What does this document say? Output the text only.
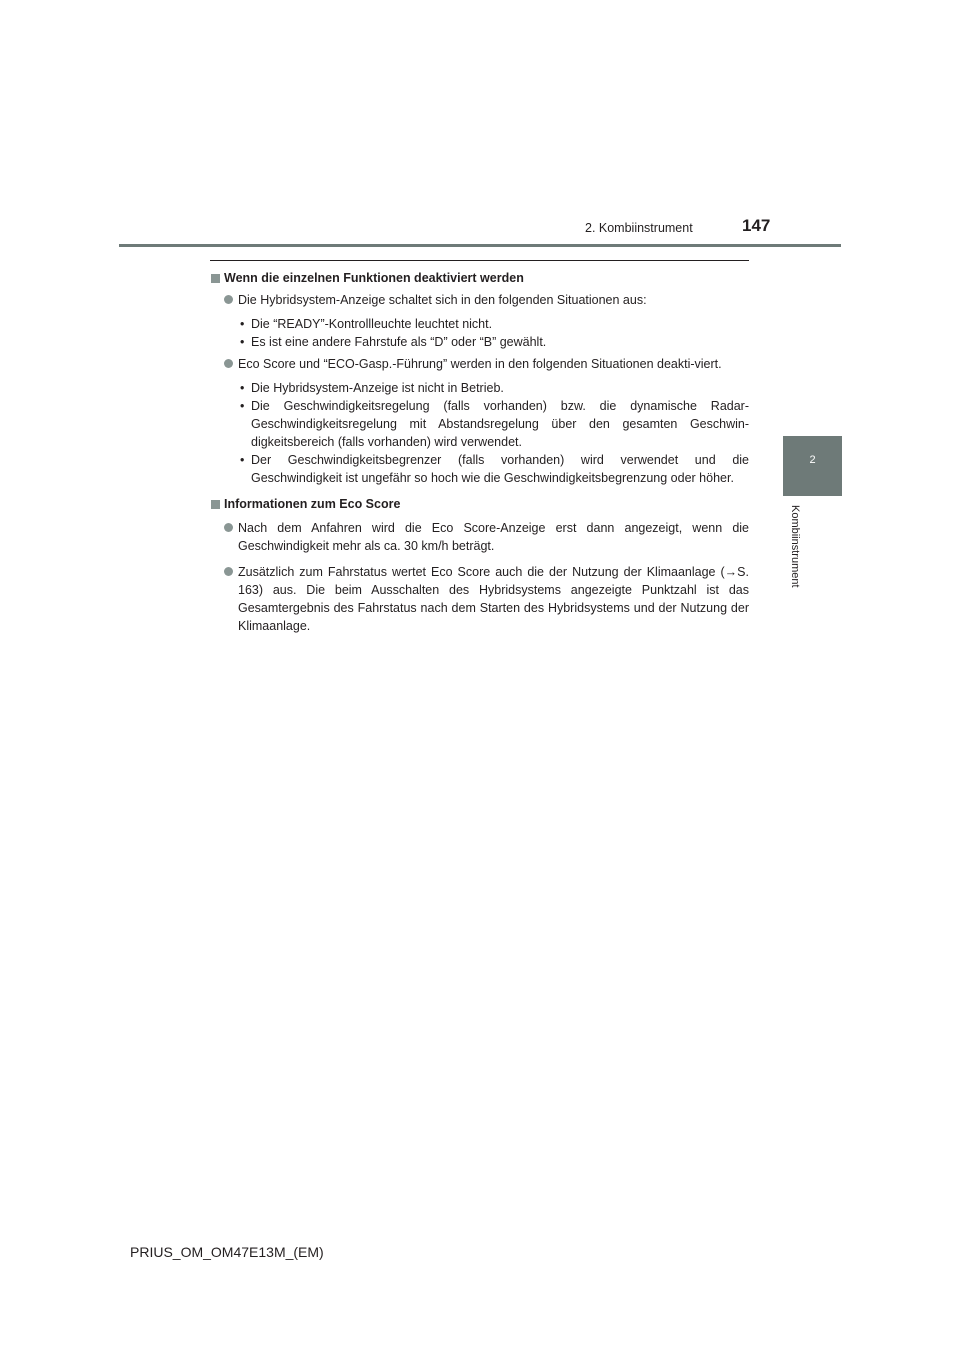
2. Kombiinstrument	147
2
Kombiinstrument
Wenn die einzelnen Funktionen deaktiviert werden
Die Hybridsystem-Anzeige schaltet sich in den folgenden Situationen aus:
• Die “READY”-Kontrollleuchte leuchtet nicht.
• Es ist eine andere Fahrstufe als “D” oder “B” gewählt.
Eco Score und “ECO-Gasp.-Führung” werden in den folgenden Situationen deakti-viert.
• Die Hybridsystem-Anzeige ist nicht in Betrieb.
• Die Geschwindigkeitsregelung (falls vorhanden) bzw. die dynamische Radar-Geschwindigkeitsregelung mit Abstandsregelung über den gesamten Geschwin-digkeitsbereich (falls vorhanden) wird verwendet.
• Der Geschwindigkeitsbegrenzer (falls vorhanden) wird verwendet und die Geschwindigkeit ist ungefähr so hoch wie die Geschwindigkeitsbegrenzung oder höher.
Informationen zum Eco Score
Nach dem Anfahren wird die Eco Score-Anzeige erst dann angezeigt, wenn die Geschwindigkeit mehr als ca. 30 km/h beträgt.
Zusätzlich zum Fahrstatus wertet Eco Score auch die der Nutzung der Klimaanlage (→S. 163) aus. Die beim Ausschalten des Hybridsystems angezeigte Punktzahl ist das Gesamtergebnis des Fahrstatus nach dem Starten des Hybridsystems und der Nutzung der Klimaanlage.
PRIUS_OM_OM47E13M_(EM)
